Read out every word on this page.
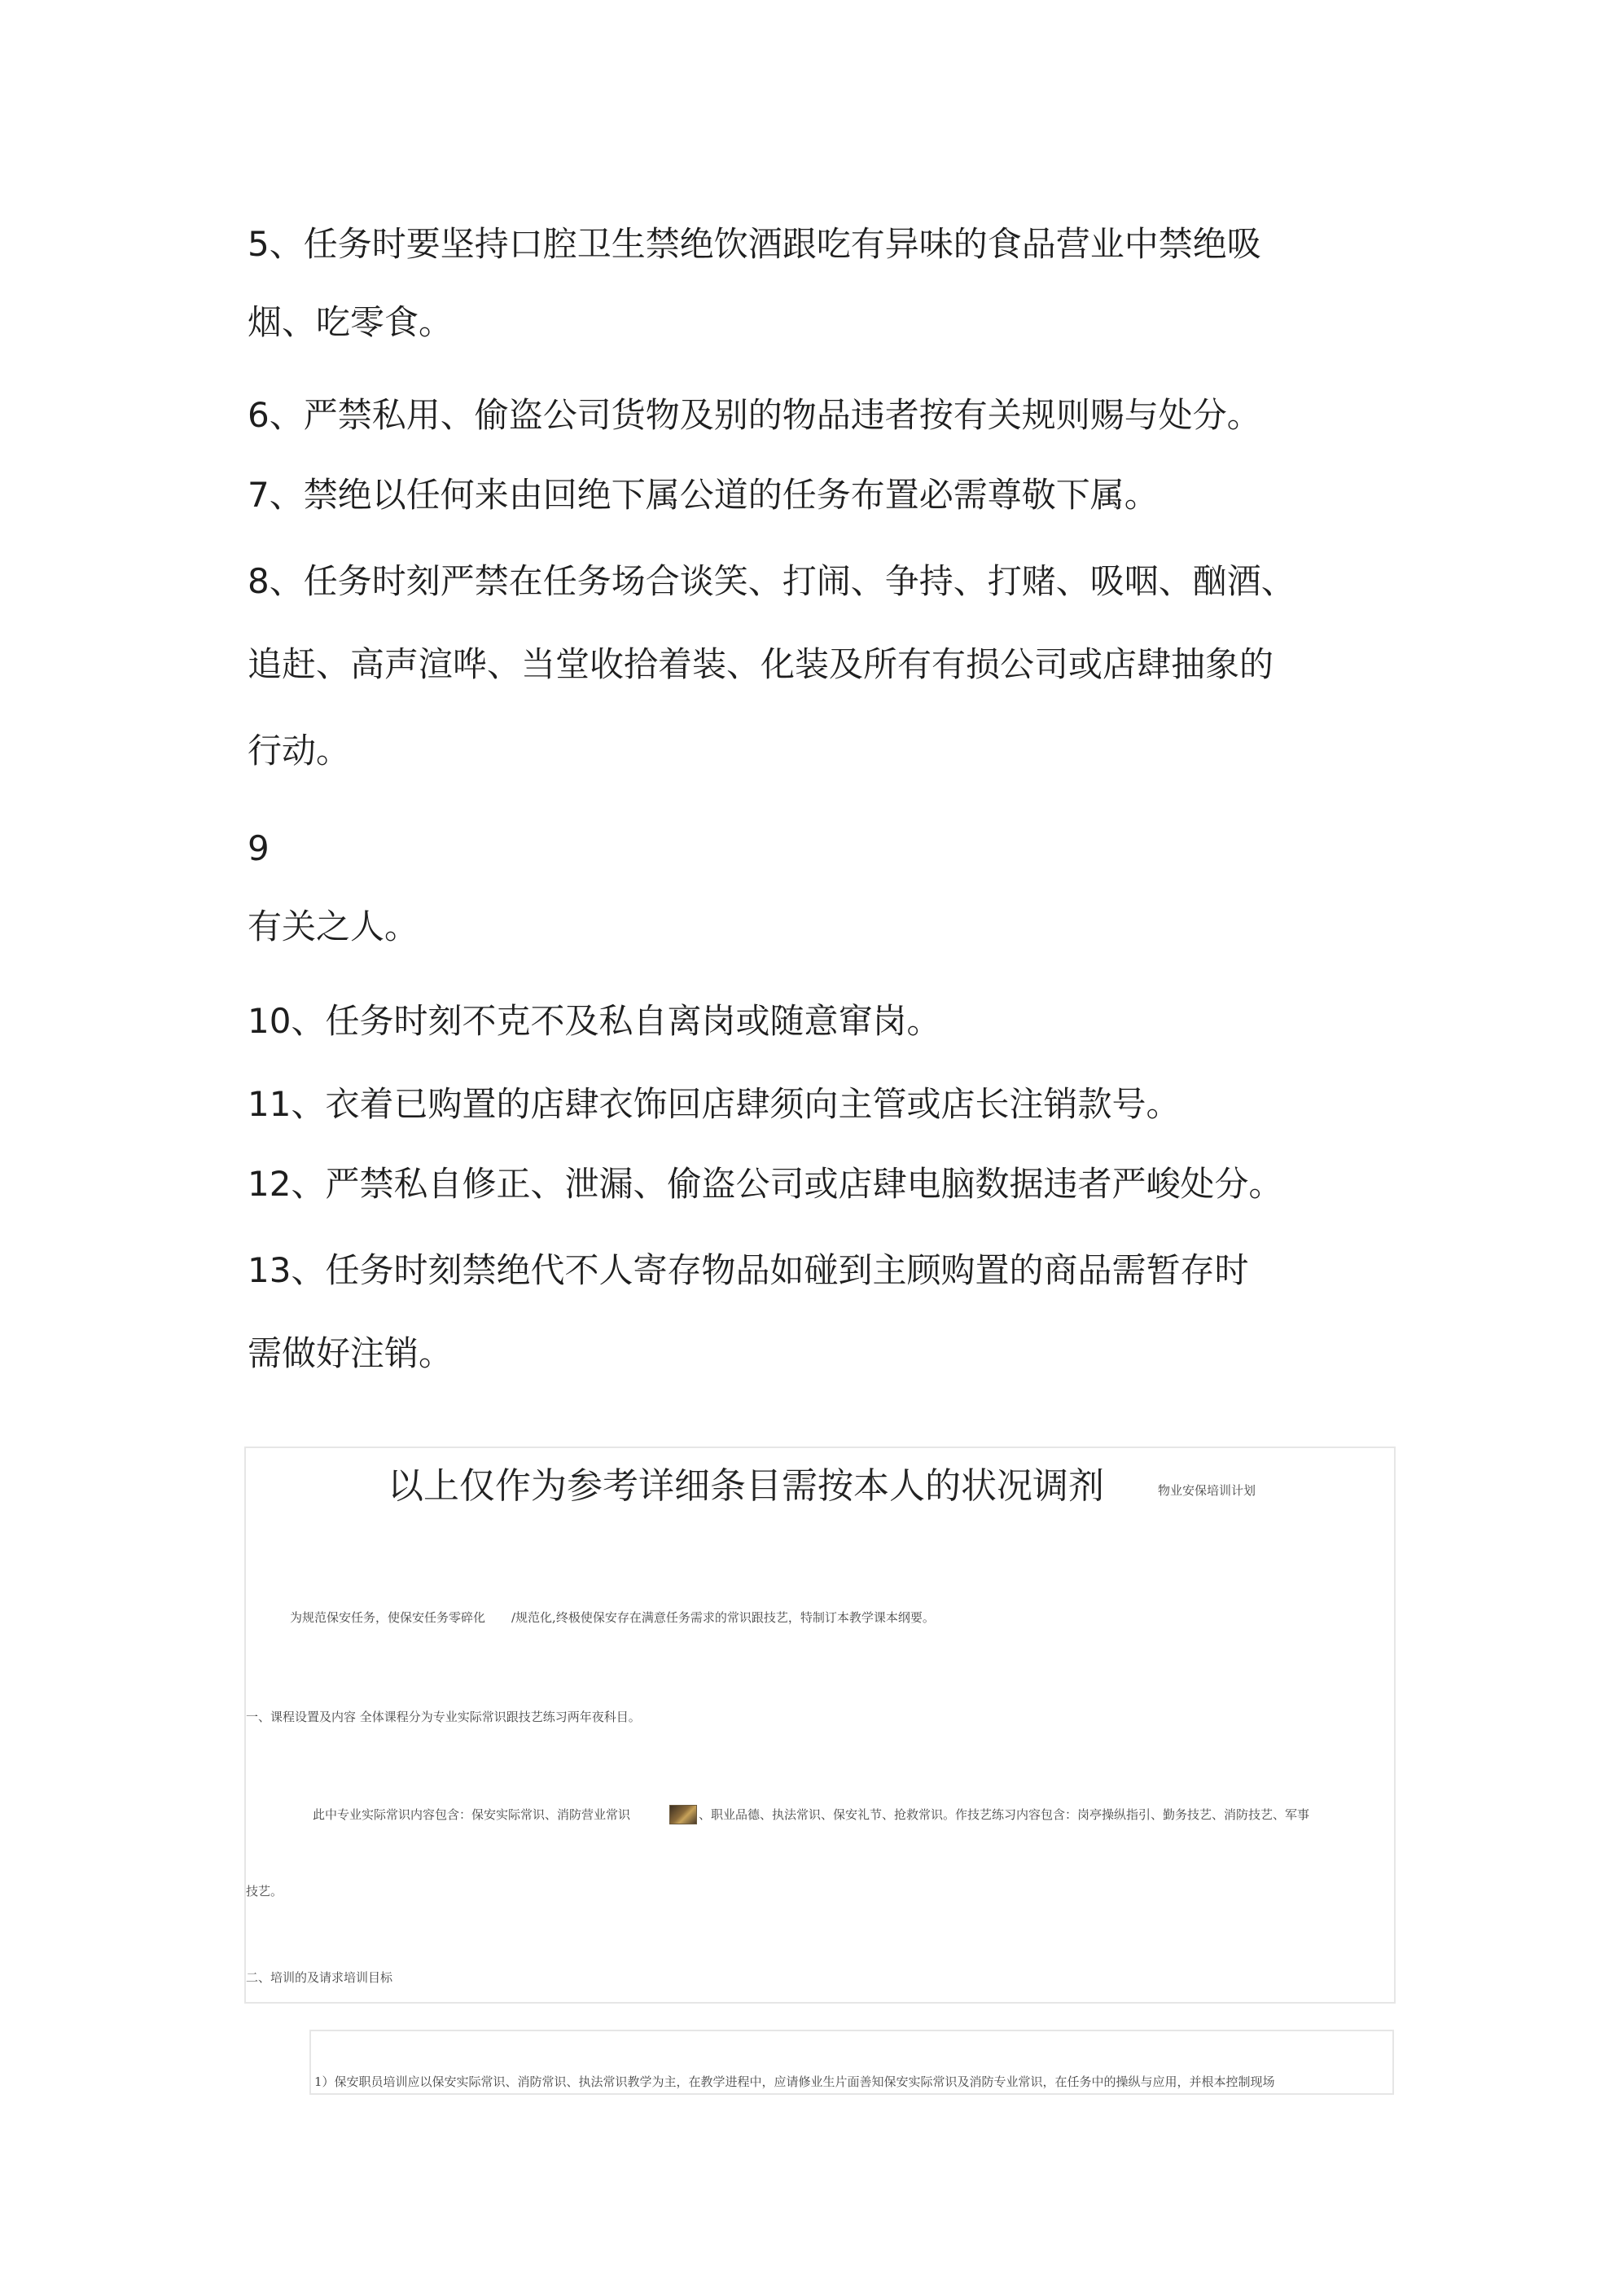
5、任务时要坚持口腔卫生禁绝饮酒跟吃有异味的食品营业中禁绝吸
烟、吃零食。
6、严禁私用、偷盗公司货物及别的物品违者按有关规则赐与处分。
7、禁绝以任何来由回绝下属公道的任务布置必需尊敬下属。
8、任务时刻严禁在任务场合谈笑、打闹、争持、打赌、吸咽、酗酒、
追赶、高声渲哗、当堂收拾着装、化装及所有有损公司或店肆抽象的
行动。
9
有关之人。
10、任务时刻不克不及私自离岗或随意窜岗。
11、衣着已购置的店肆衣饰回店肆须向主管或店长注销款号。
12、严禁私自修正、泄漏、偷盗公司或店肆电脑数据违者严峻处分。
13、任务时刻禁绝代不人寄存物品如碰到主顾购置的商品需暂存时
需做好注销。
以上仅作为参考详细条目需按本人的状况调剂	物业安保培训计划
为规范保安任务，使保安任务零碎化 /规范化,终极使保安存在满意任务需求的常识跟技艺，特制订本教学课本纲要。
一、课程设置及内容 全体课程分为专业实际常识跟技艺练习两年夜科目。
此中专业实际常识内容包含：保安实际常识、消防营业常识	、职业品德、执法常识、保安礼节、抢救常识。作技艺练习内容包含：岗亭操纵指引、勤务技艺、消防技艺、军事
技艺。
二、培训的及请求培训目标
1）保安职员培训应以保安实际常识、消防常识、执法常识教学为主，在教学进程中，应请修业生片面善知保安实际常识及消防专业常识，在任务中的操纵与应用，并根本控制现场
